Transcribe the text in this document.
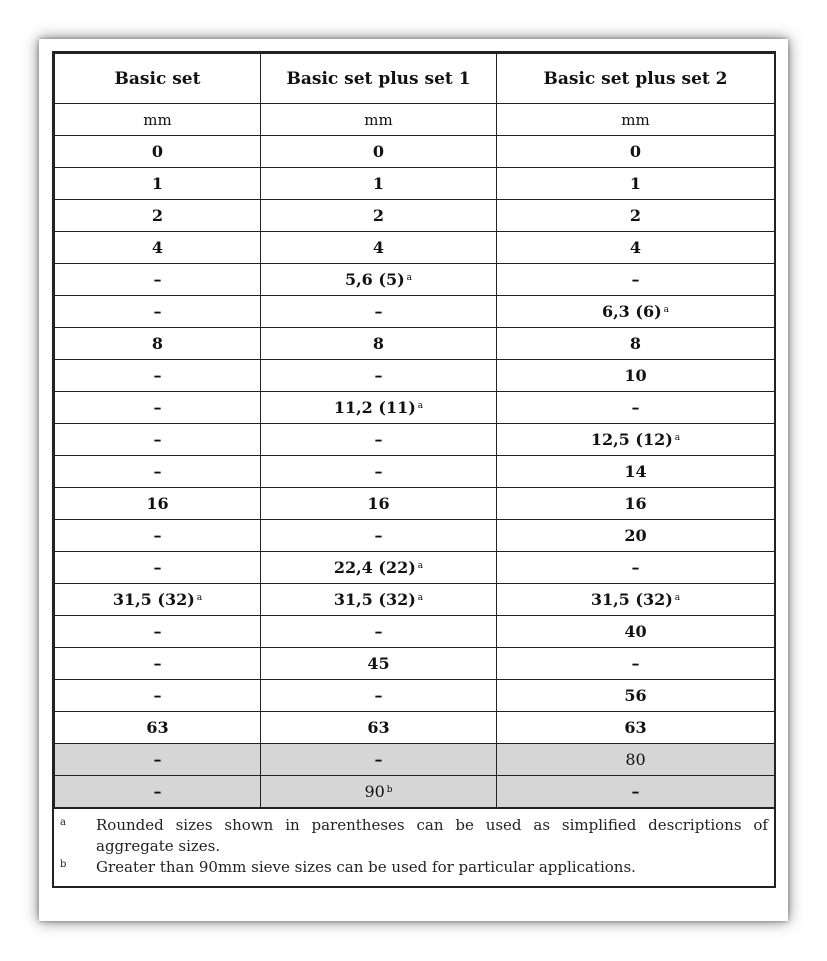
Basic set	Basic set plus set 1	Basic set plus set 2
mm	mm	mm
0	0	0
1	1	1
2	2	2
4	4	4
–	5,6 (5) $^a$	–
–	–	6,3 (6) $^a$
8	8	8
–	–	10
–	11,2 (11) $^a$	–
–	–	12,5 (12) $^a$
–	–	14
16	16	16
–	–	20
–	22,4 (22) $^a$	–
31,5 (32) $^a$	31,5 (32) $^a$	31,5 (32) $^a$
–	–	40
–	45	–
–	–	56
63	63	63
–	–	80
–	90 $^b$	–
a	Rounded sizes shown in parentheses can be used as simplified descriptions of aggregate sizes.
b	Greater than 90mm sieve sizes can be used for particular applications.
